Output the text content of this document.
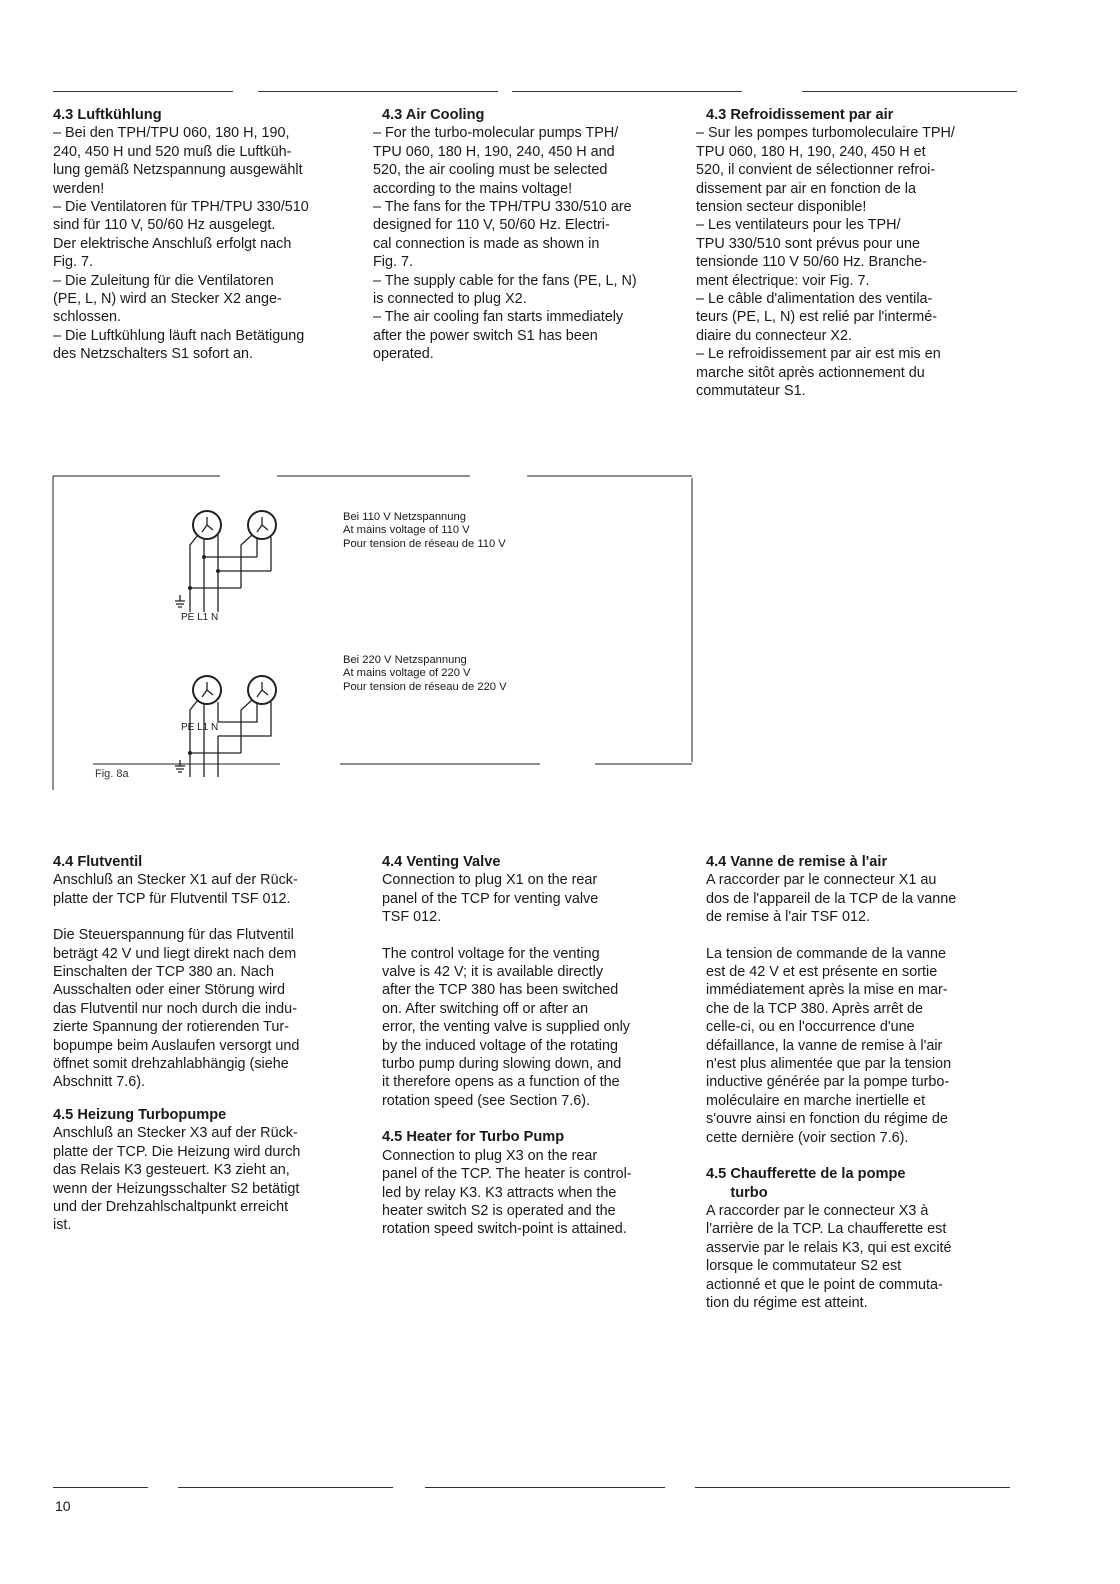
4.3 Luftkühlung

– Bei den TPH/TPU 060, 180 H, 190,
240, 450 H und 520 muß die Luftküh-
lung gemäß Netzspannung ausgewählt
werden!

– Die Ventilatoren für TPH/TPU 330/510
sind für 110 V, 50/60 Hz ausgelegt.
Der elektrische Anschluß erfolgt nach
Fig. 7.

– Die Zuleitung für die Ventilatoren
(PE, L, N) wird an Stecker X2 ange-
schlossen.

– Die Luftkühlung läuft nach Betätigung
des Netzschalters S1 sofort an.

4.3 Air Cooling

– For the turbo-molecular pumps TPH/
TPU 060, 180 H, 190, 240, 450 H and
520, the air cooling must be selected
according to the mains voltage!

– The fans for the TPH/TPU 330/510 are
designed for 110 V, 50/60 Hz. Electri-
cal connection is made as shown in
Fig. 7.

– The supply cable for the fans (PE, L, N)
is connected to plug X2.

– The air cooling fan starts immediately
after the power switch S1 has been
operated.

4.3 Refroidissement par air

– Sur les pompes turbomoleculaire TPH/
TPU 060, 180 H, 190, 240, 450 H et
520, il convient de sélectionner refroi-
dissement par air en fonction de la
tension secteur disponible!

– Les ventilateurs pour les TPH/
TPU 330/510 sont prévus pour une
tensionde 110 V 50/60 Hz. Branche-
ment électrique: voir Fig. 7.

– Le câble d'alimentation des ventila-
teurs (PE, L, N) est relié par l'intermé-
diaire du connecteur X2.

– Le refroidissement par air est mis en
marche sitôt après actionnement du
commutateur S1.

PE L1 N
Bei 110 V Netzspannung
At mains voltage of 110 V
Pour tension de réseau de 110 V
Bei 220 V Netzspannung
At mains voltage of 220 V
Pour tension de réseau de 220 V
PE L1 N
Fig. 8a
4.4 Flutventil

Anschluß an Stecker X1 auf der Rück-
platte der TCP für Flutventil TSF 012.

Die Steuerspannung für das Flutventil
beträgt 42 V und liegt direkt nach dem
Einschalten der TCP 380 an. Nach
Ausschalten oder einer Störung wird
das Flutventil nur noch durch die indu-
zierte Spannung der rotierenden Tur-
bopumpe beim Auslaufen versorgt und
öffnet somit drehzahlabhängig (siehe
Abschnitt 7.6).

4.5 Heizung Turbopumpe

Anschluß an Stecker X3 auf der Rück-
platte der TCP. Die Heizung wird durch
das Relais K3 gesteuert. K3 zieht an,
wenn der Heizungsschalter S2 betätigt
und der Drehzahlschaltpunkt erreicht
ist.

4.4 Venting Valve

Connection to plug X1 on the rear
panel of the TCP for venting valve
TSF 012.

The control voltage for the venting
valve is 42 V; it is available directly
after the TCP 380 has been switched
on. After switching off or after an
error, the venting valve is supplied only
by the induced voltage of the rotating
turbo pump during slowing down, and
it therefore opens as a function of the
rotation speed (see Section 7.6).

4.5 Heater for Turbo Pump

Connection to plug X3 on the rear
panel of the TCP. The heater is control-
led by relay K3. K3 attracts when the
heater switch S2 is operated and the
rotation speed switch-point is attained.

4.4 Vanne de remise à l'air

A raccorder par le connecteur X1 au
dos de l'appareil de la TCP de la vanne
de remise à l'air TSF 012.

La tension de commande de la vanne
est de 42 V et est présente en sortie
immédiatement après la mise en mar-
che de la TCP 380. Après arrêt de
celle-ci, ou en l'occurrence d'une
défaillance, la vanne de remise à l'air
n'est plus alimentée que par la tension
inductive générée par la pompe turbo-
moléculaire en marche inertielle et
s'ouvre ainsi en fonction du régime de
cette dernière (voir section 7.6).

4.5 Chaufferette de la pompe
turbo

A raccorder par le connecteur X3 à
l'arrière de la TCP. La chaufferette est
asservie par le relais K3, qui est excité
lorsque le commutateur S2 est
actionné et que le point de commuta-
tion du régime est atteint.

10
